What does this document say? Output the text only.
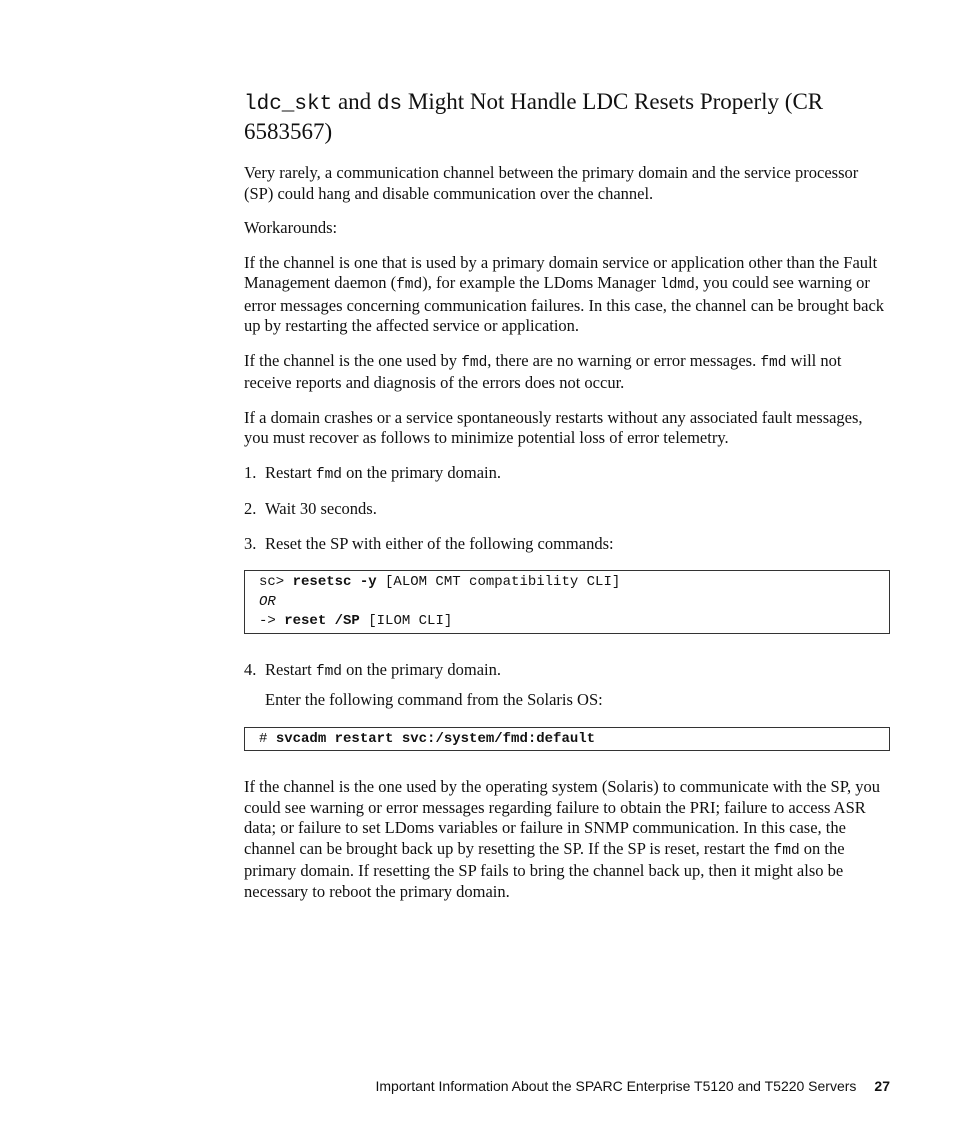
ldc_skt and ds Might Not Handle LDC Resets Properly (CR 6583567)

Very rarely, a communication channel between the primary domain and the service processor (SP) could hang and disable communication over the channel.

Workarounds:

If the channel is one that is used by a primary domain service or application other than the Fault Management daemon (fmd), for example the LDoms Manager ldmd, you could see warning or error messages concerning communication failures. In this case, the channel can be brought back up by restarting the affected service or application.

If the channel is the one used by fmd, there are no warning or error messages. fmd will not receive reports and diagnosis of the errors does not occur.

If a domain crashes or a service spontaneously restarts without any associated fault messages, you must recover as follows to minimize potential loss of error telemetry.

1. Restart fmd on the primary domain.
2. Wait 30 seconds.
3. Reset the SP with either of the following commands:
sc> resetsc -y [ALOM CMT compatibility CLI]
OR
-> reset /SP [ILOM CLI]
4. Restart fmd on the primary domain.

Enter the following command from the Solaris OS:

# svcadm restart svc:/system/fmd:default

If the channel is the one used by the operating system (Solaris) to communicate with the SP, you could see warning or error messages regarding failure to obtain the PRI; failure to access ASR data; or failure to set LDoms variables or failure in SNMP communication. In this case, the channel can be brought back up by resetting the SP. If the SP is reset, restart the fmd on the primary domain. If resetting the SP fails to bring the channel back up, then it might also be necessary to reboot the primary domain.

Important Information About the SPARC Enterprise T5120 and T5220 Servers 27
